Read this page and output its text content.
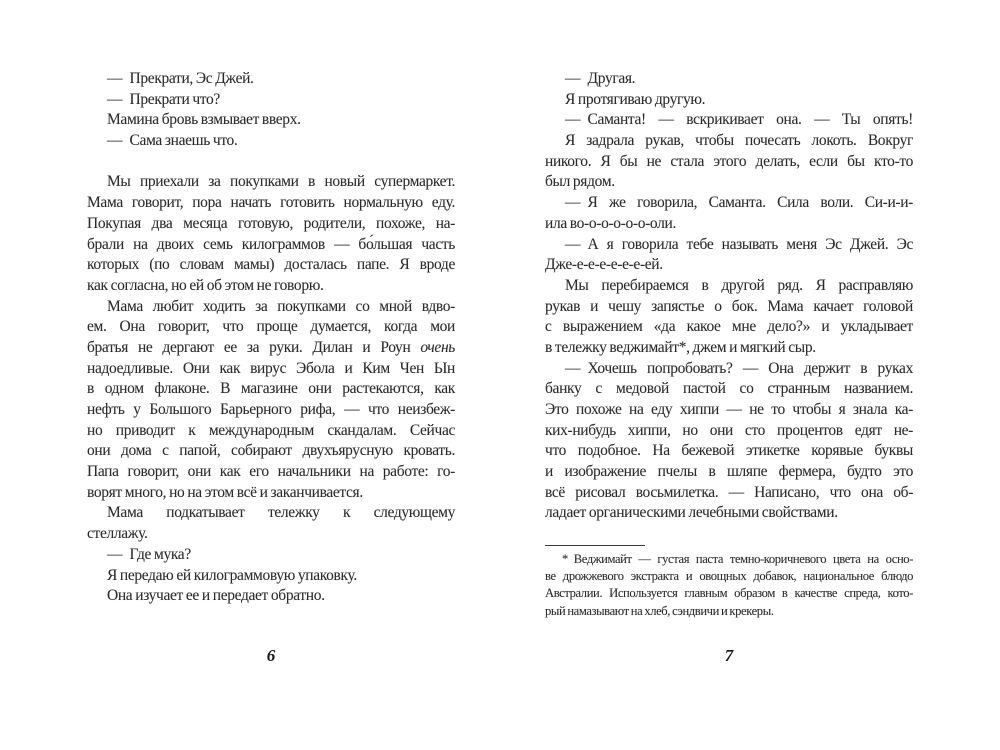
— Прекрати, Эс Джей.
— Прекрати что?
Мамина бровь взмывает вверх.
— Сама знаешь что.
Мы приехали за покупками в новый супермаркет.
Мама говорит, пора начать готовить нормальную еду.
Покупая два месяца готовую, родители, похоже, на-
брали на двоих семь килограммов — бо́льшая часть
которых (по словам мамы) досталась папе. Я вроде
как согласна, но ей об этом не говорю.
Мама любит ходить за покупками со мной вдво-
ем. Она говорит, что проще думается, когда мои
братья не дергают ее за руки. Дилан и Роун очень
надоедливые. Они как вирус Эбола и Ким Чен Ын
в одном флаконе. В магазине они растекаются, как
нефть у Большого Барьерного рифа, — что неизбеж-
но приводит к международным скандалам. Сейчас
они дома с папой, собирают двухъярусную кровать.
Папа говорит, они как его начальники на работе: го-
ворят много, но на этом всё и заканчивается.
Мама подкатывает тележку к следующему
стеллажу.
— Где мука?
Я передаю ей килограммовую упаковку.
Она изучает ее и передает обратно.
6
— Другая.
Я протягиваю другую.
— Саманта! — вскрикивает она. — Ты опять!
Я задрала рукав, чтобы почесать локоть. Вокруг
никого. Я бы не стала этого делать, если бы кто-то
был рядом.
— Я же говорила, Саманта. Сила воли. Си-и-и-
ила во-о-о-о-о-о-оли.
— А я говорила тебе называть меня Эс Джей. Эс
Дже-е-е-е-е-е-е-ей.
Мы перебираемся в другой ряд. Я расправляю
рукав и чешу запястье о бок. Мама качает головой
с выражением «да какое мне дело?» и укладывает
в тележку веджимайт*, джем и мягкий сыр.
— Хочешь попробовать? — Она держит в руках
банку с медовой пастой со странным названием.
Это похоже на еду хиппи — не то чтобы я знала ка-
ких-нибудь хиппи, но они сто процентов едят не-
что подобное. На бежевой этикетке корявые буквы
и изображение пчелы в шляпе фермера, будто это
всё рисовал восьмилетка. — Написано, что она об-
ладает органическими лечебными свойствами.
* Веджимайт — густая паста темно-коричневого цвета на осно-
ве дрожжевого экстракта и овощных добавок, национальное блюдо
Австралии. Используется главным образом в качестве спреда, кото-
рый намазывают на хлеб, сэндвичи и крекеры.
7
